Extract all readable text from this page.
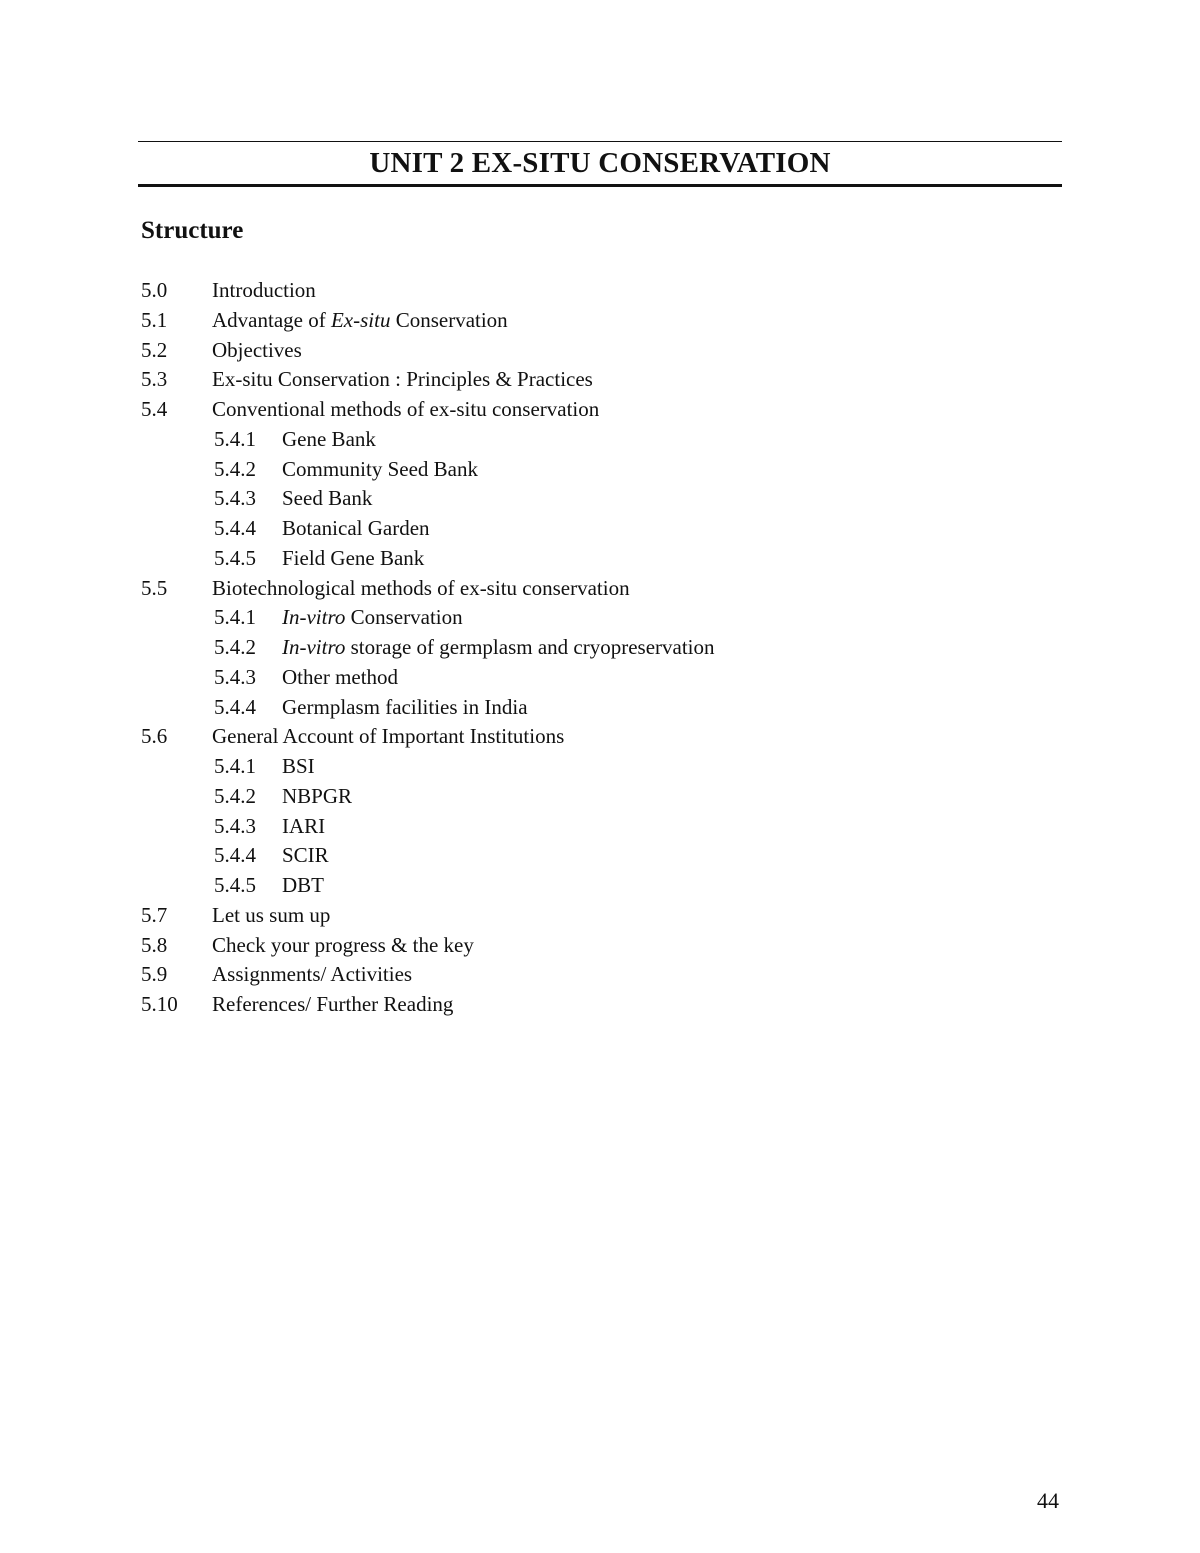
UNIT 2 EX-SITU CONSERVATION
Structure
5.0 Introduction
5.1 Advantage of Ex-situ Conservation
5.2 Objectives
5.3 Ex-situ Conservation : Principles & Practices
5.4 Conventional methods of ex-situ conservation
5.4.1 Gene Bank
5.4.2 Community Seed Bank
5.4.3 Seed Bank
5.4.4 Botanical Garden
5.4.5 Field Gene Bank
5.5 Biotechnological methods of ex-situ conservation
5.4.1 In-vitro Conservation
5.4.2 In-vitro storage of germplasm and cryopreservation
5.4.3 Other method
5.4.4 Germplasm facilities in India
5.6 General Account of Important Institutions
5.4.1 BSI
5.4.2 NBPGR
5.4.3 IARI
5.4.4 SCIR
5.4.5 DBT
5.7 Let us sum up
5.8 Check your progress & the key
5.9 Assignments/ Activities
5.10 References/ Further Reading
44
